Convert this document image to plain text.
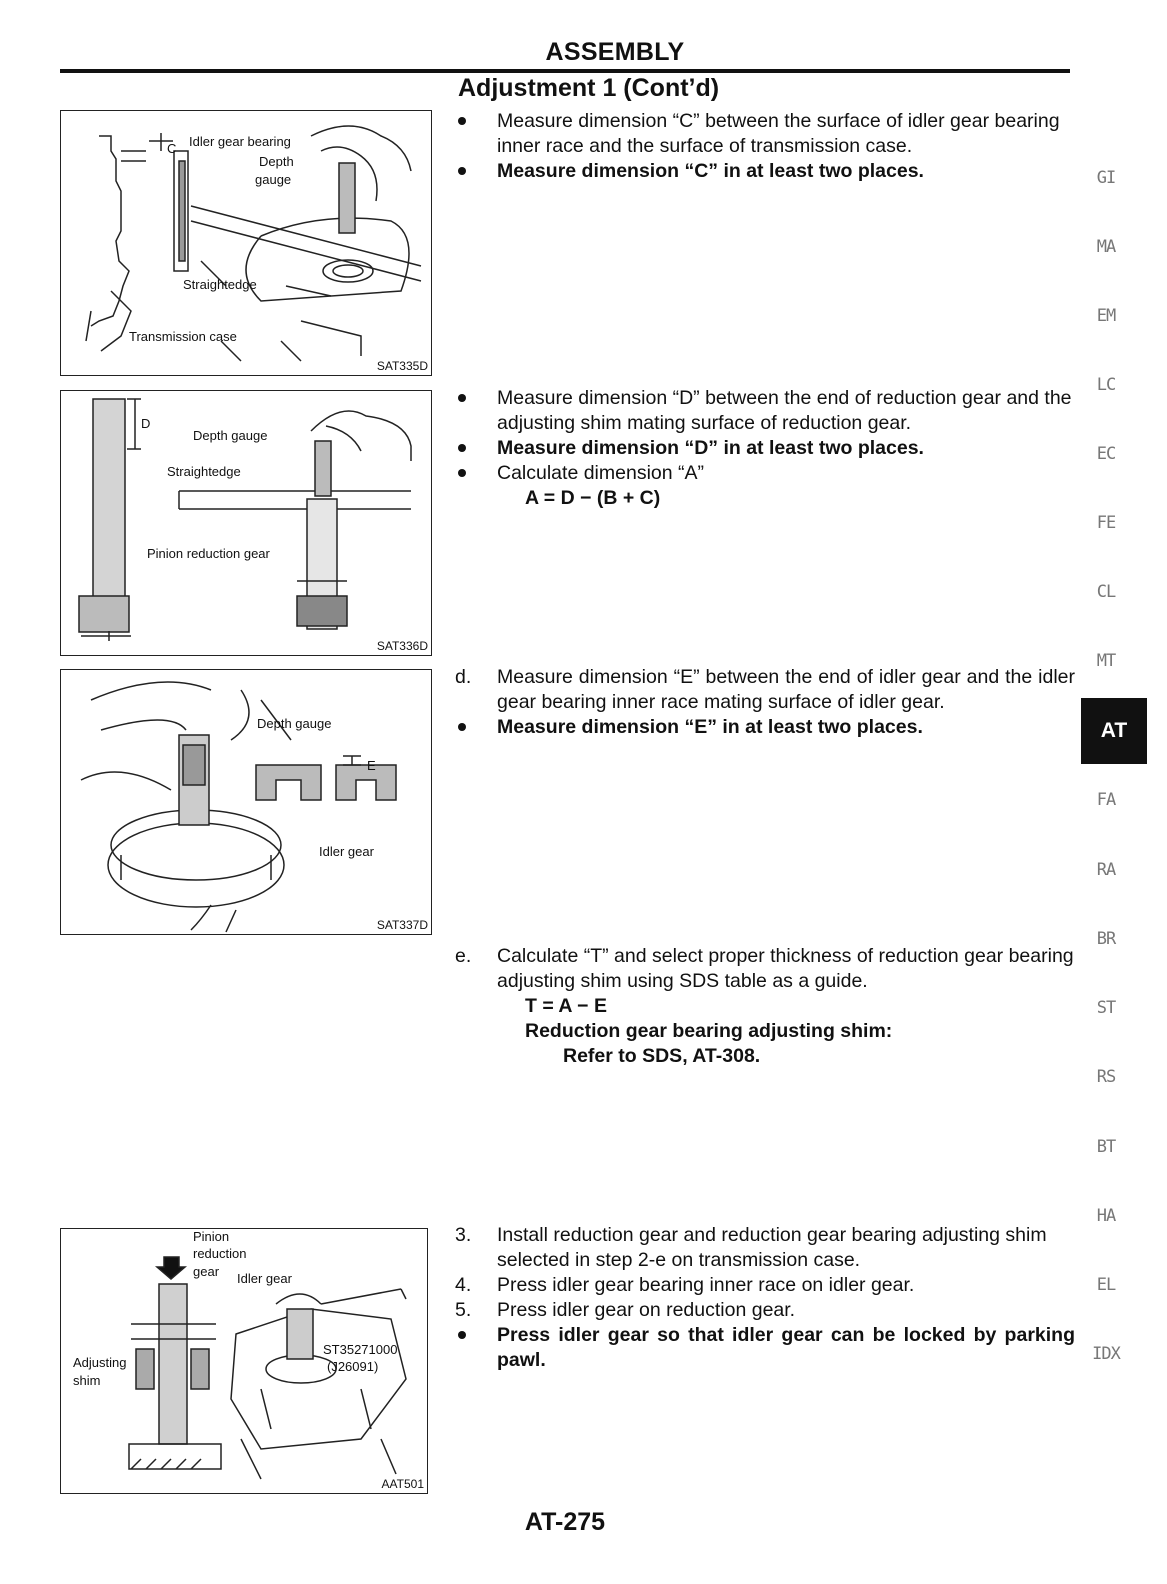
ASSEMBLY
Adjustment 1 (Cont’d)
C Idler gear bearing
Depth
gauge
Straightedge
Transmission case
SAT335D
D
Depth gauge
Straightedge
Pinion reduction gear
SAT336D
Depth gauge
E
Idler gear
SAT337D
Pinion
reduction
gear Idler gear
Adjusting
shim
ST35271000
(J26091)
AAT501
Measure dimension “C” between the surface of idler gear bearing inner race and the surface of transmission case.
Measure dimension “C” in at least two places.
Measure dimension “D” between the end of reduction gear and the adjusting shim mating surface of reduction gear.
Measure dimension “D” in at least two places.
Calculate dimension “A”
A = D − (B + C)
d.	Measure dimension “E” between the end of idler gear and the idler gear bearing inner race mating surface of idler gear.
Measure dimension “E” in at least two places.
e.	Calculate “T” and select proper thickness of reduction gear bearing adjusting shim using SDS table as a guide.
T = A − E
Reduction gear bearing adjusting shim:
Refer to SDS, AT-308.
3.	Install reduction gear and reduction gear bearing adjusting shim selected in step 2-e on transmission case.
4.	Press idler gear bearing inner race on idler gear.
5.	Press idler gear on reduction gear.
Press idler gear so that idler gear can be locked by parking pawl.
GI
MA
EM
LC
EC
FE
CL
MT
AT
FA
RA
BR
ST
RS
BT
HA
EL
IDX
AT-275
